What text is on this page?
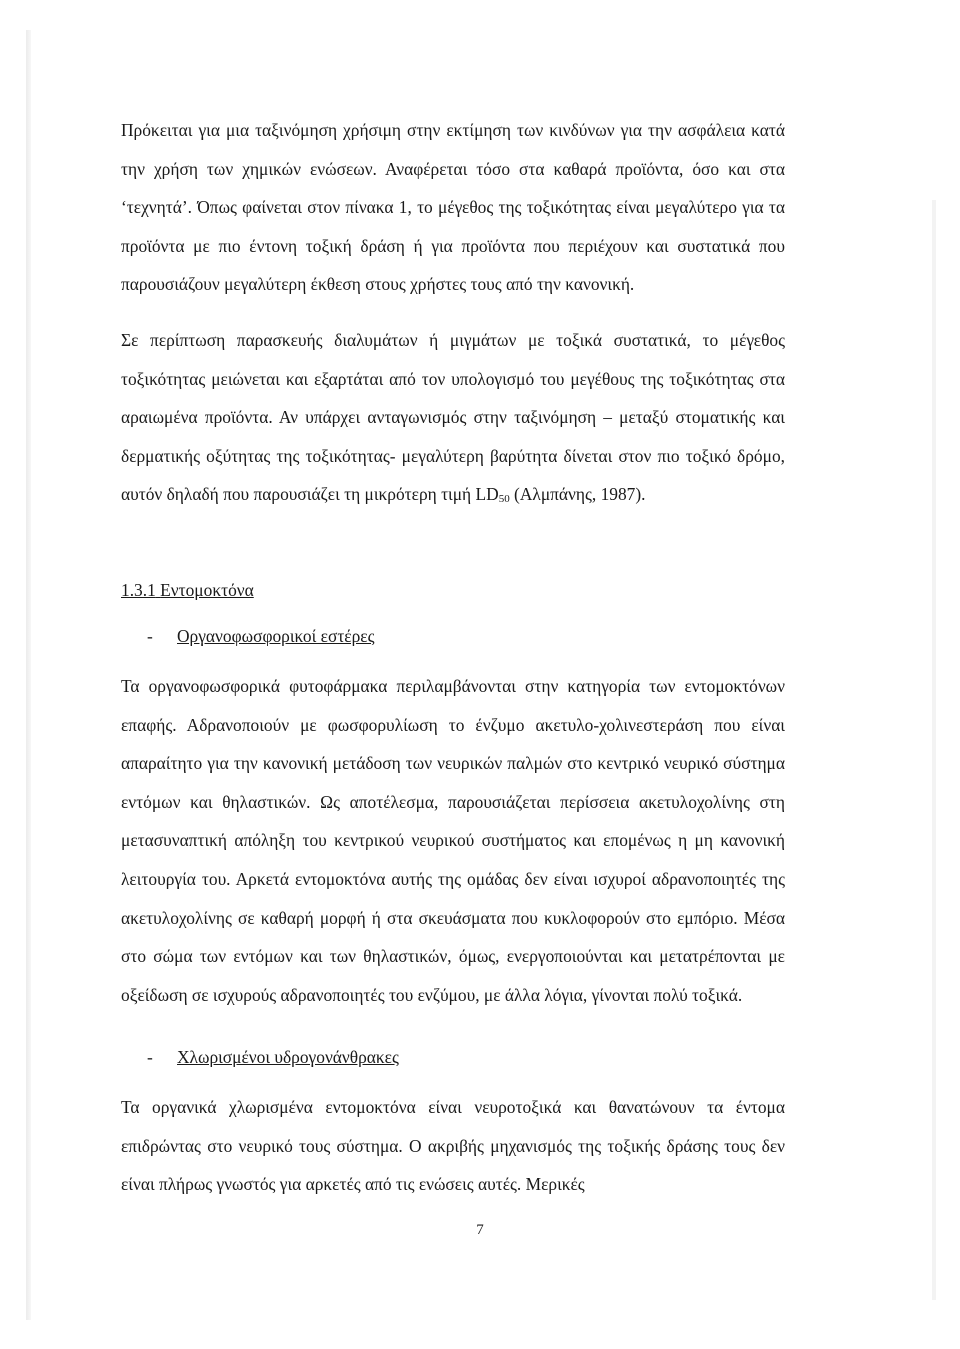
Πρόκειται για μια ταξινόμηση χρήσιμη στην εκτίμηση των κινδύνων για την ασφάλεια κατά την χρήση των χημικών ενώσεων. Αναφέρεται τόσο στα καθαρά προϊόντα, όσο και στα ‘τεχνητά’. Όπως φαίνεται στον πίνακα 1, το μέγεθος της τοξικότητας είναι μεγαλύτερο για τα προϊόντα με πιο έντονη τοξική δράση ή για προϊόντα που περιέχουν και συστατικά που παρουσιάζουν μεγαλύτερη έκθεση στους χρήστες τους από την κανονική.

Σε περίπτωση παρασκευής διαλυμάτων ή μιγμάτων με τοξικά συστατικά, το μέγεθος τοξικότητας μειώνεται και εξαρτάται από τον υπολογισμό του μεγέθους της τοξικότητας στα αραιωμένα προϊόντα. Αν υπάρχει ανταγωνισμός στην ταξινόμηση – μεταξύ στοματικής και δερματικής οξύτητας της τοξικότητας- μεγαλύτερη βαρύτητα δίνεται στον πιο τοξικό δρόμο, αυτόν δηλαδή που παρουσιάζει τη μικρότερη τιμή $LD_{50}$ (Αλμπάνης, 1987).

1.3.1 Εντομοκτόνα
- Οργανοφωσφορικοί εστέρες

Τα οργανοφωσφορικά φυτοφάρμακα περιλαμβάνονται στην κατηγορία των εντομοκτόνων επαφής. Αδρανοποιούν με φωσφορυλίωση το ένζυμο ακετυλο-χολινεστεράση που είναι απαραίτητο για την κανονική μετάδοση των νευρικών παλμών στο κεντρικό νευρικό σύστημα εντόμων και θηλαστικών. Ως αποτέλεσμα, παρουσιάζεται περίσσεια ακετυλοχολίνης στη μετασυναπτική απόληξη του κεντρικού νευρικού συστήματος και επομένως η μη κανονική λειτουργία του. Αρκετά εντομοκτόνα αυτής της ομάδας δεν είναι ισχυροί αδρανοποιητές της ακετυλοχολίνης σε καθαρή μορφή ή στα σκευάσματα που κυκλοφορούν στο εμπόριο. Μέσα στο σώμα των εντόμων και των θηλαστικών, όμως, ενεργοποιούνται και μετατρέπονται με οξείδωση σε ισχυρούς αδρανοποιητές του ενζύμου, με άλλα λόγια, γίνονται πολύ τοξικά.

- Χλωρισμένοι υδρογονάνθρακες

Τα οργανικά χλωρισμένα εντομοκτόνα είναι νευροτοξικά και θανατώνουν τα έντομα επιδρώντας στο νευρικό τους σύστημα. Ο ακριβής μηχανισμός της τοξικής δράσης τους δεν είναι πλήρως γνωστός για αρκετές από τις ενώσεις αυτές. Μερικές

7
